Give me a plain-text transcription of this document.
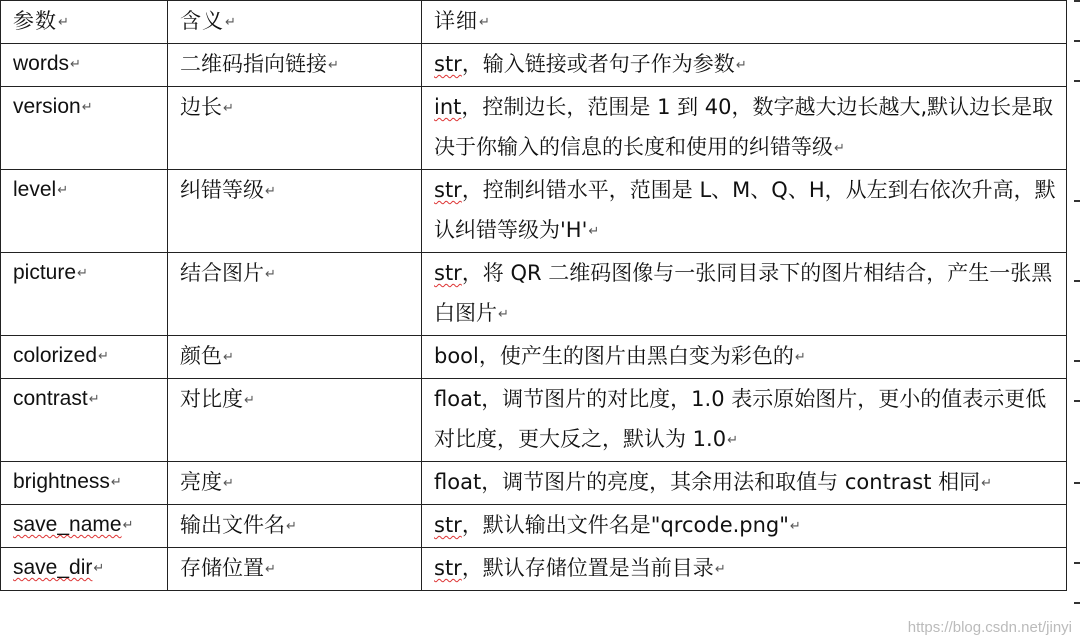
参数↵	含义↵	详细↵
words↵	二维码指向链接↵	str，输入链接或者句子作为参数↵
version↵	边长↵	int，控制边长，范围是 1 到 40，数字越大边长越大,默认边长是取决于你输入的信息的长度和使用的纠错等级↵
level↵	纠错等级↵	str，控制纠错水平，范围是 L、M、Q、H，从左到右依次升高，默认纠错等级为'H'↵
picture↵	结合图片↵	str，将 QR 二维码图像与一张同目录下的图片相结合，产生一张黑白图片↵
colorized↵	颜色↵	bool，使产生的图片由黑白变为彩色的↵
contrast↵	对比度↵	float，调节图片的对比度，1.0 表示原始图片，更小的值表示更低对比度，更大反之，默认为 1.0↵
brightness↵	亮度↵	float，调节图片的亮度，其余用法和取值与 contrast 相同↵
save_name↵	输出文件名↵	str，默认输出文件名是"qrcode.png"↵
save_dir↵	存储位置↵	str，默认存储位置是当前目录↵
https://blog.csdn.net/jinyi
